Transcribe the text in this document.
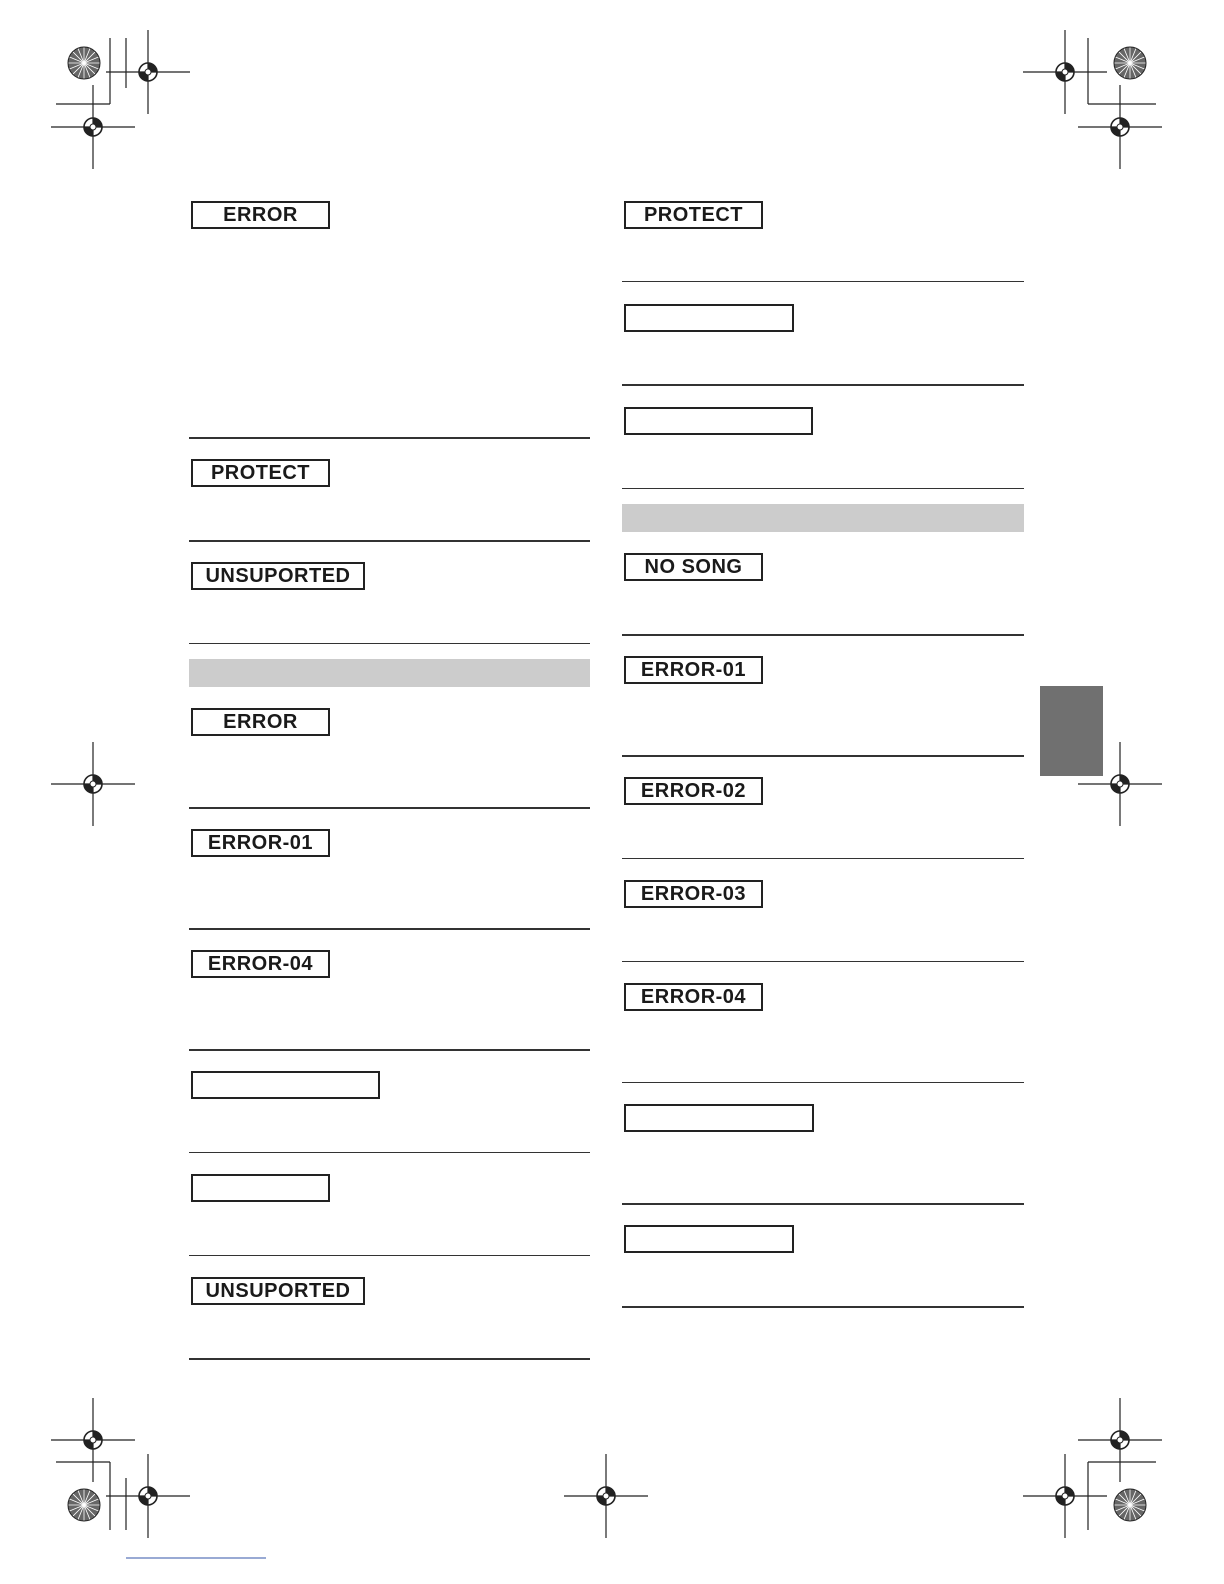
ERROR
PROTECT
UNSUPORTED
ERROR
ERROR-01
ERROR-04
UNSUPORTED
PROTECT
NO SONG
ERROR-01
ERROR-02
ERROR-03
ERROR-04
